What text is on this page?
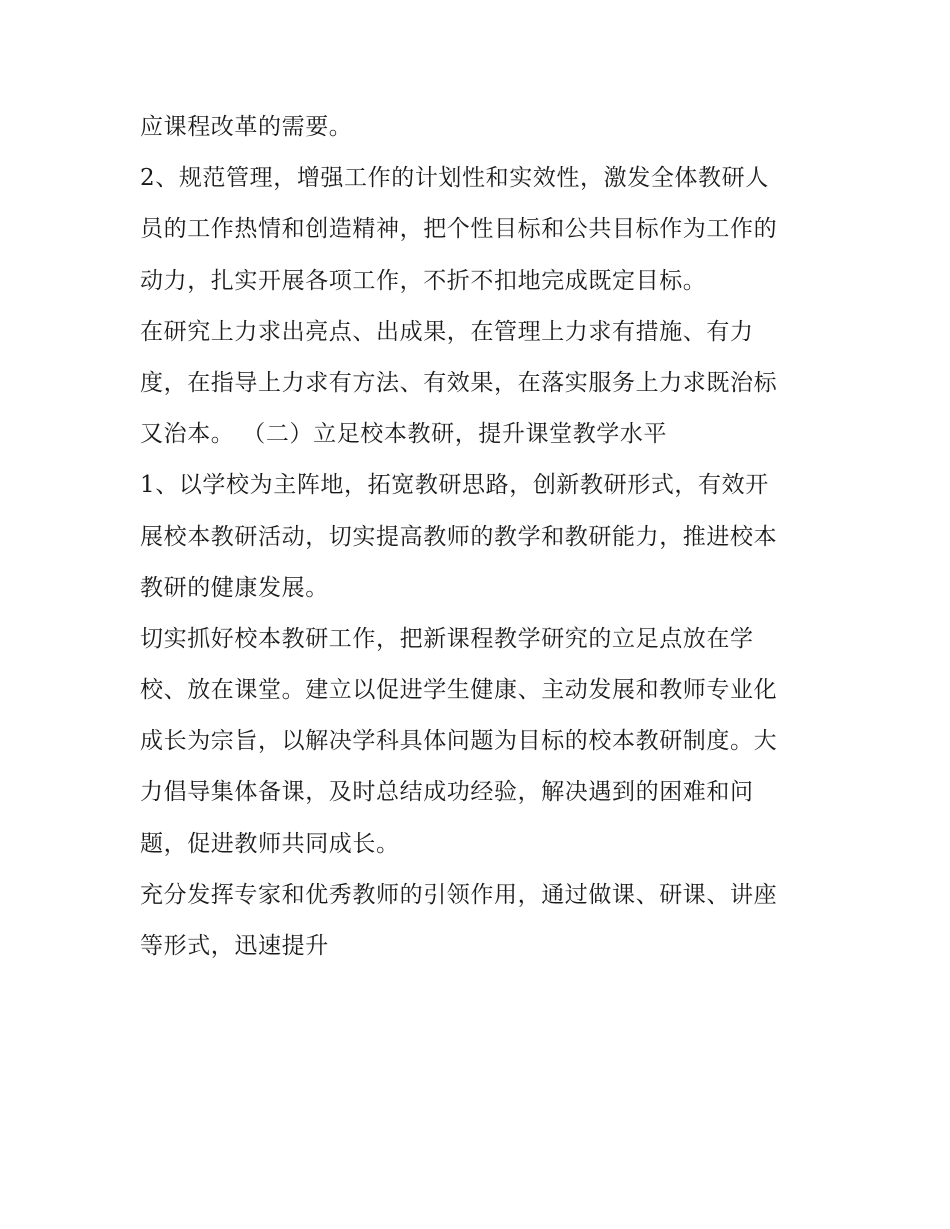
应课程改革的需要。
2、规范管理，增强工作的计划性和实效性，激发全体教研人
员的工作热情和创造精神，把个性目标和公共目标作为工作的
动力，扎实开展各项工作，不折不扣地完成既定目标。
在研究上力求出亮点、出成果，在管理上力求有措施、有力
度，在指导上力求有方法、有效果，在落实服务上力求既治标
又治本。 （二）立足校本教研，提升课堂教学水平
1、以学校为主阵地，拓宽教研思路，创新教研形式，有效开
展校本教研活动，切实提高教师的教学和教研能力，推进校本
教研的健康发展。
切实抓好校本教研工作，把新课程教学研究的立足点放在学
校、放在课堂。建立以促进学生健康、主动发展和教师专业化
成长为宗旨，以解决学科具体问题为目标的校本教研制度。大
力倡导集体备课，及时总结成功经验，解决遇到的困难和问
题，促进教师共同成长。
充分发挥专家和优秀教师的引领作用，通过做课、研课、讲座
等形式，迅速提升
